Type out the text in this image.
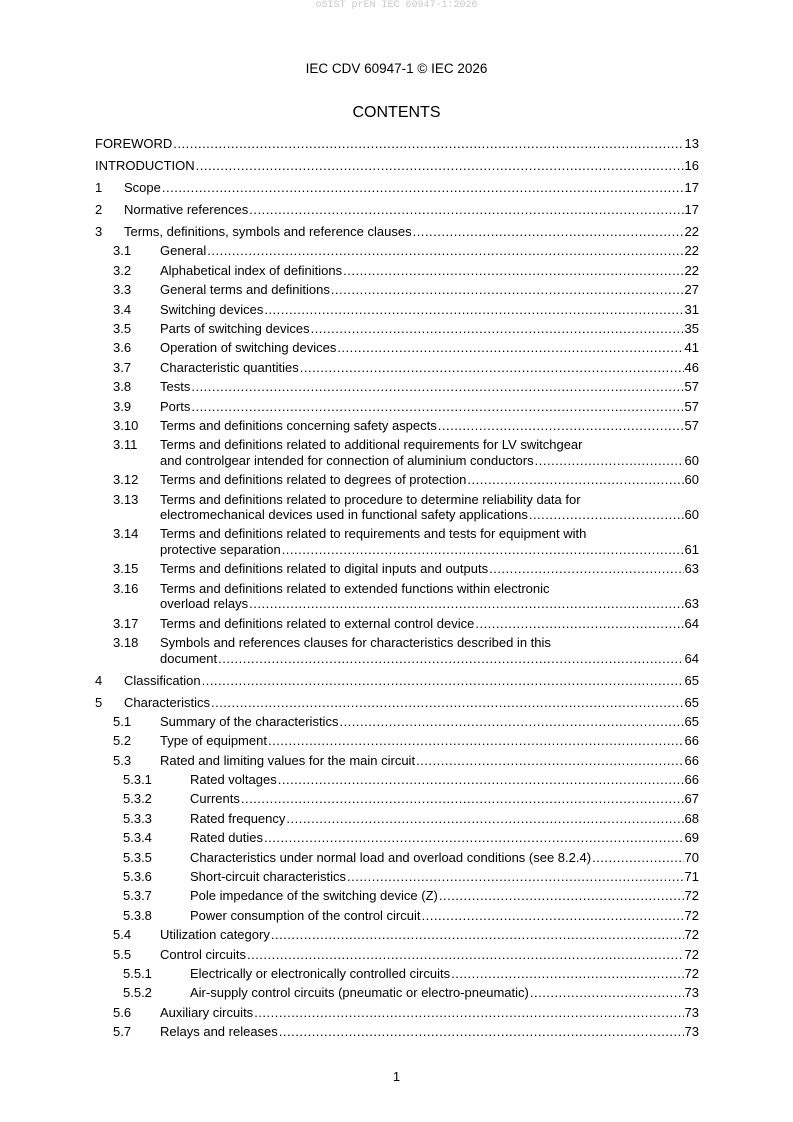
oSIST prEN IEC 60947-1:2026
IEC CDV 60947-1 © IEC 2026
CONTENTS
FOREWORD .....	13
INTRODUCTION .....	16
1 Scope .....	17
2 Normative references .....	17
3 Terms, definitions, symbols and reference clauses .....	22
3.1 General .....	22
3.2 Alphabetical index of definitions .....	22
3.3 General terms and definitions .....	27
3.4 Switching devices .....	31
3.5 Parts of switching devices .....	35
3.6 Operation of switching devices .....	41
3.7 Characteristic quantities .....	46
3.8 Tests .....	57
3.9 Ports .....	57
3.10 Terms and definitions concerning safety aspects .....	57
3.11 Terms and definitions related to additional requirements for LV switchgear
and controlgear intended for connection of aluminium conductors .....	60
3.12 Terms and definitions related to degrees of protection .....	60
3.13 Terms and definitions related to procedure to determine reliability data for
electromechanical devices used in functional safety applications .....	60
3.14 Terms and definitions related to requirements and tests for equipment with
protective separation .....	61
3.15 Terms and definitions related to digital inputs and outputs .....	63
3.16 Terms and definitions related to extended functions within electronic
overload relays .....	63
3.17 Terms and definitions related to external control device .....	64
3.18 Symbols and references clauses for characteristics described in this
document .....	64
4 Classification .....	65
5 Characteristics .....	65
5.1 Summary of the characteristics .....	65
5.2 Type of equipment .....	66
5.3 Rated and limiting values for the main circuit .....	66
5.3.1	Rated voltages .....	66
5.3.2	Currents .....	67
5.3.3	Rated frequency .....	68
5.3.4	Rated duties .....	69
5.3.5	Characteristics under normal load and overload conditions (see 8.2.4) .....	70
5.3.6	Short-circuit characteristics .....	71
5.3.7	Pole impedance of the switching device (Z) .....	72
5.3.8	Power consumption of the control circuit .....	72
5.4 Utilization category .....	72
5.5 Control circuits .....	72
5.5.1	Electrically or electronically controlled circuits .....	72
5.5.2	Air-supply control circuits (pneumatic or electro-pneumatic) .....	73
5.6 Auxiliary circuits .....	73
5.7 Relays and releases .....	73
1
